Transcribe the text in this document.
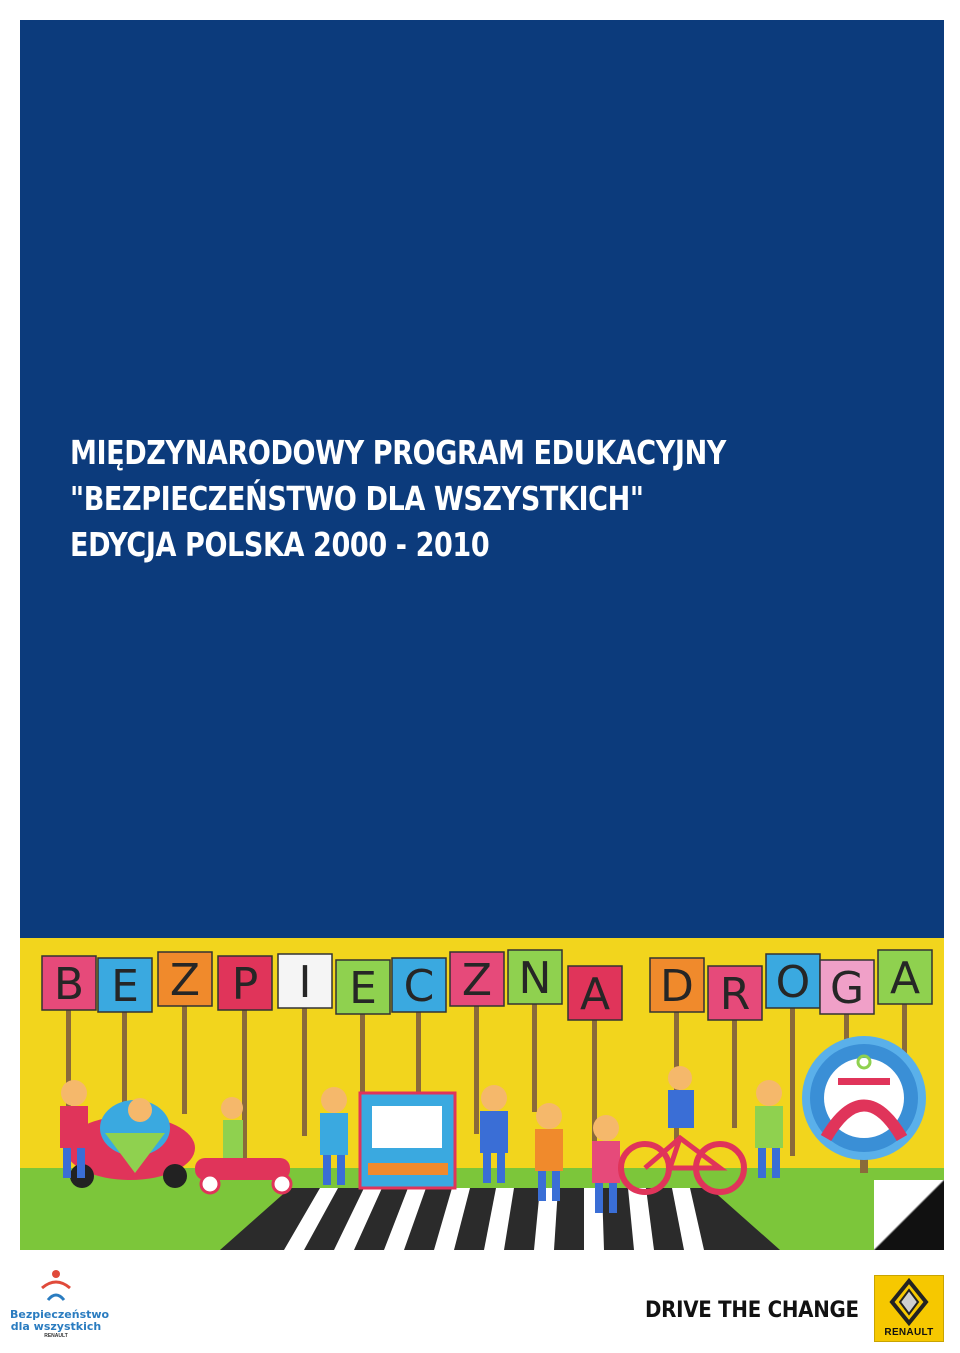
MIĘDZYNARODOWY PROGRAM EDUKACYJNY
"BEZPIECZEŃSTWO DLA WSZYSTKICH"
EDYCJA POLSKA 2000 - 2010
B E Z P I E C Z N A D R O G A
Bezpieczeństwo
dla wszystkich
RENAULT
DRIVE THE CHANGE
RENAULT
